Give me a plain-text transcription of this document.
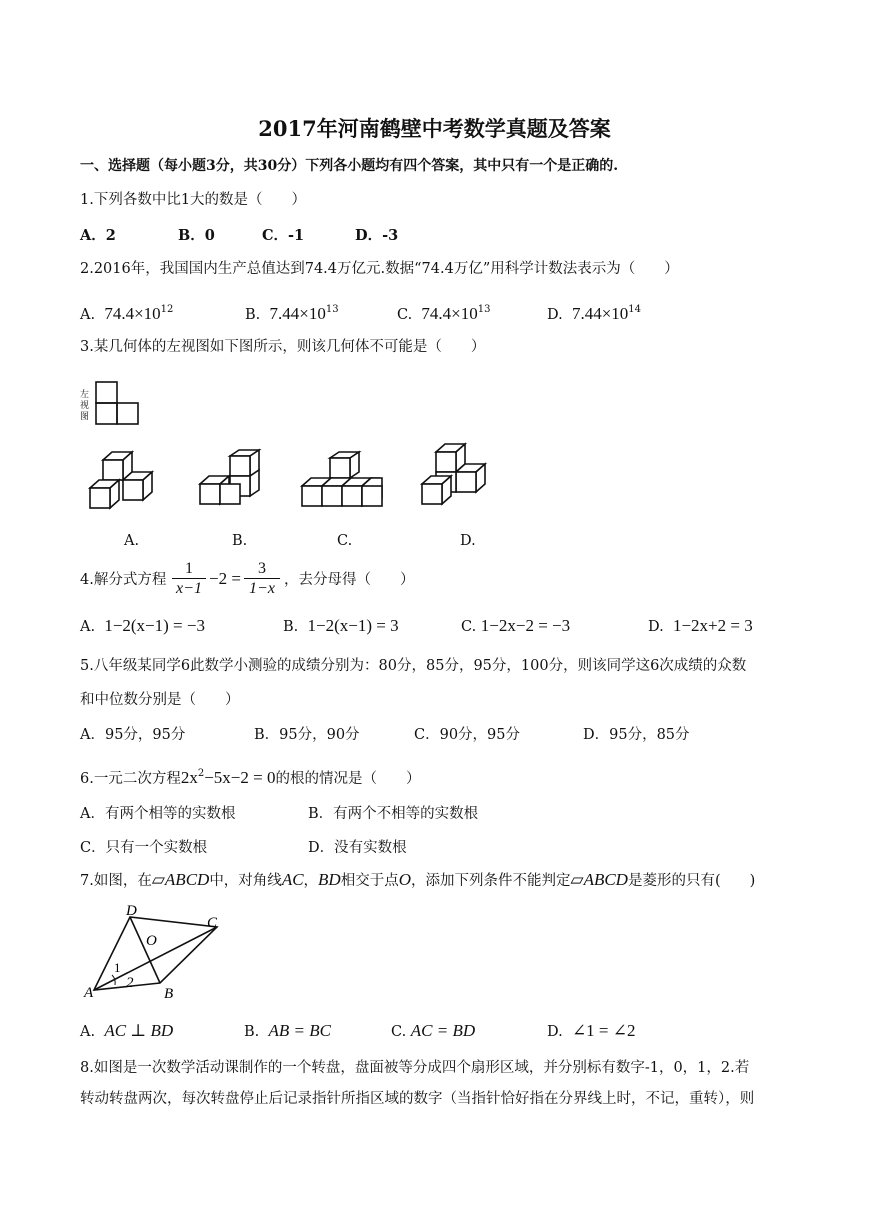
2017年河南鹤壁中考数学真题及答案
一、选择题（每小题3分，共30分）下列各小题均有四个答案，其中只有一个是正确的.
1.下列各数中比1大的数是（　　）
A．2	B．0	C．-1	D．-3
2.2016年，我国国内生产总值达到74.4万亿元.数据“74.4万亿”用科学计数法表示为（　　）
A. $74.4\times 10^{12}$	B. $7.44\times 10^{13}$	C. $74.4\times 10^{13}$	D. $7.44\times 10^{14}$
3.某几何体的左视图如下图所示，则该几何体不可能是（　　）
左视图
A.	B.	C.	D.
4.解分式方程 $\frac{1}{x-1} -2 = \frac{3}{1-x}$ ，去分母得（　　）
A. 1−2(x−1) = −3	B. 1−2(x−1) = 3	C. 1−2x−2 = −3	D. 1−2x+2 = 3
5.八年级某同学6此数学小测验的成绩分别为：80分，85分，95分，100分，则该同学这6次成绩的众数
和中位数分别是（　　）
A．95分，95分	B．95分，90分	C．90分，95分	D．95分，85分
6.一元二次方程$2x^2-5x-2 = 0$的根的情况是（　　）
A．有两个相等的实数根	B．有两个不相等的实数根
C．只有一个实数根	D．没有实数根
7.如图，在▱ABCD中，对角线AC，BD相交于点O，添加下列条件不能判定▱ABCD是菱形的只有(　　)
A	B
C
D
O
1
2
A. AC ⊥ BD	B. AB = BC	C. AC = BD	D. ∠1 = ∠2
8.如图是一次数学活动课制作的一个转盘，盘面被等分成四个扇形区域，并分别标有数字-1，0，1，2.若
转动转盘两次，每次转盘停止后记录指针所指区域的数字（当指针恰好指在分界线上时，不记，重转），则
